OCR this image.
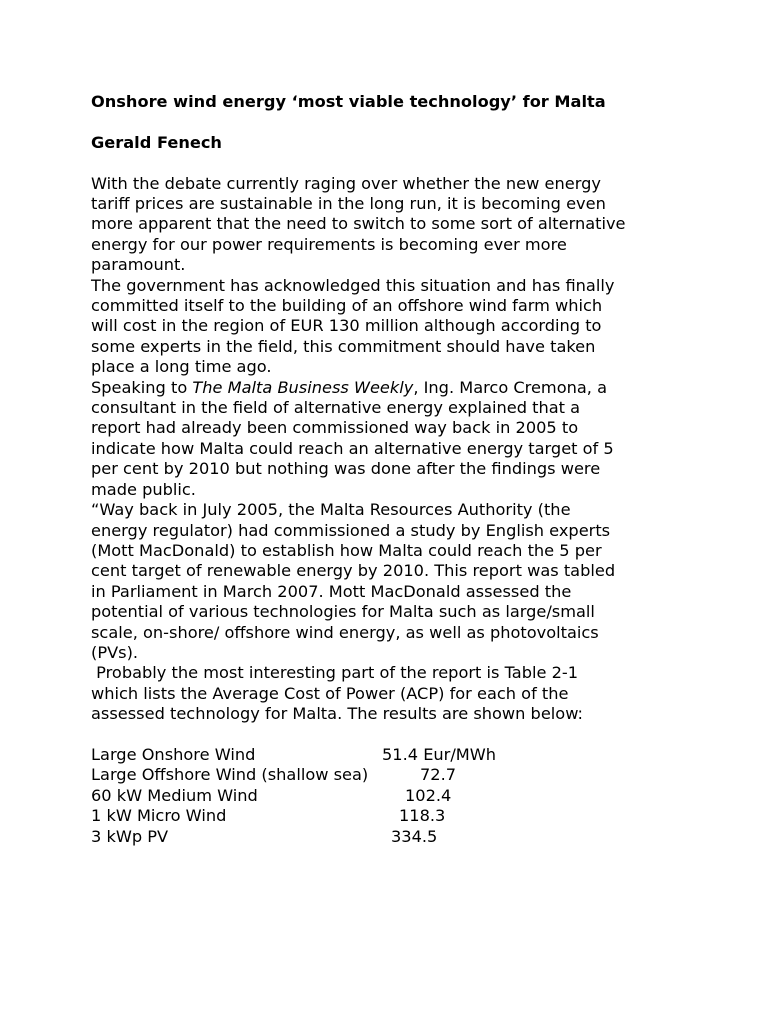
Onshore wind energy ‘most viable technology’ for Malta

Gerald Fenech

With the debate currently raging over whether the new energy
tariff prices are sustainable in the long run, it is becoming even
more apparent that the need to switch to some sort of alternative
energy for our power requirements is becoming ever more
paramount.
The government has acknowledged this situation and has finally
committed itself to the building of an offshore wind farm which
will cost in the region of EUR 130 million although according to
some experts in the field, this commitment should have taken
place a long time ago.
Speaking to The Malta Business Weekly, Ing. Marco Cremona, a
consultant in the field of alternative energy explained that a
report had already been commissioned way back in 2005 to
indicate how Malta could reach an alternative energy target of 5
per cent by 2010 but nothing was done after the findings were
made public.
“Way back in July 2005, the Malta Resources Authority (the
energy regulator) had commissioned a study by English experts
(Mott MacDonald) to establish how Malta could reach the 5 per
cent target of renewable energy by 2010. This report was tabled
in Parliament in March 2007. Mott MacDonald assessed the
potential of various technologies for Malta such as large/small
scale, on-shore/ offshore wind energy, as well as photovoltaics
(PVs).
Probably the most interesting part of the report is Table 2-1
which lists the Average Cost of Power (ACP) for each of the
assessed technology for Malta. The results are shown below:
Large Onshore Wind	51.4 Eur/MWh
Large Offshore Wind (shallow sea)	72.7
60 kW Medium Wind	102.4
1 kW Micro Wind	118.3
3 kWp PV	334.5
